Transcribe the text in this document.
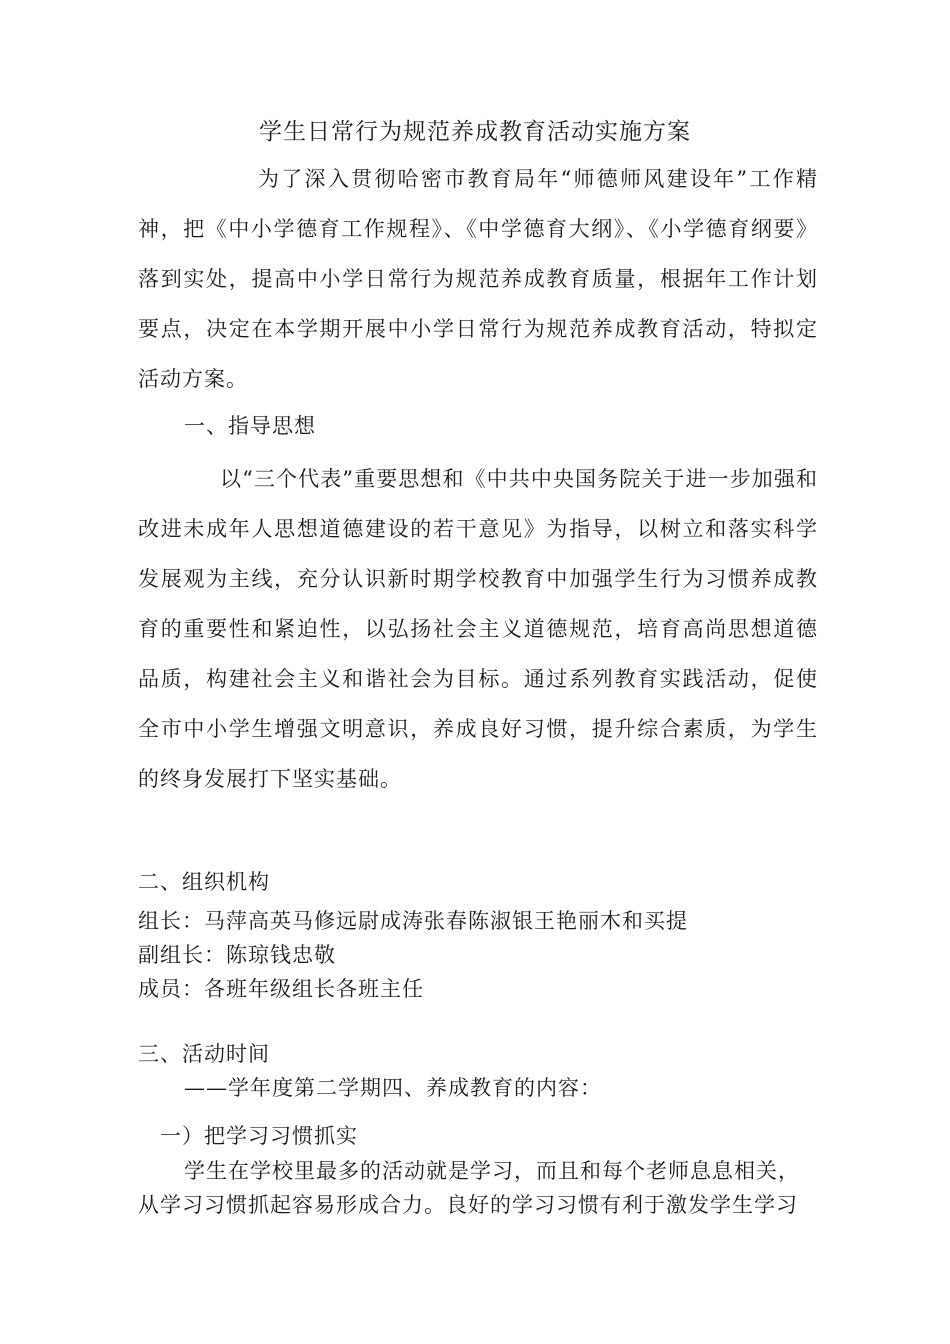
学生日常行为规范养成教育活动实施方案
为了深入贯彻哈密市教育局年“师德师风建设年”工作精神，把《中小学德育工作规程》、《中学德育大纲》、《小学德育纲要》落到实处，提高中小学日常行为规范养成教育质量，根据年工作计划要点，决定在本学期开展中小学日常行为规范养成教育活动，特拟定活动方案。
一、指导思想
以“三个代表”重要思想和《中共中央国务院关于进一步加强和改进未成年人思想道德建设的若干意见》为指导，以树立和落实科学发展观为主线，充分认识新时期学校教育中加强学生行为习惯养成教育的重要性和紧迫性，以弘扬社会主义道德规范，培育高尚思想道德品质，构建社会主义和谐社会为目标。通过系列教育实践活动，促使全市中小学生增强文明意识，养成良好习惯，提升综合素质，为学生的终身发展打下坚实基础。
二、组织机构
组长：马萍高英马修远尉成涛张春陈淑银王艳丽木和买提
副组长：陈琼钱忠敬
成员：各班年级组长各班主任
三、活动时间
——学年度第二学期四、养成教育的内容：
一）把学习习惯抓实
学生在学校里最多的活动就是学习，而且和每个老师息息相关，从学习习惯抓起容易形成合力。良好的学习习惯有利于激发学生学习
